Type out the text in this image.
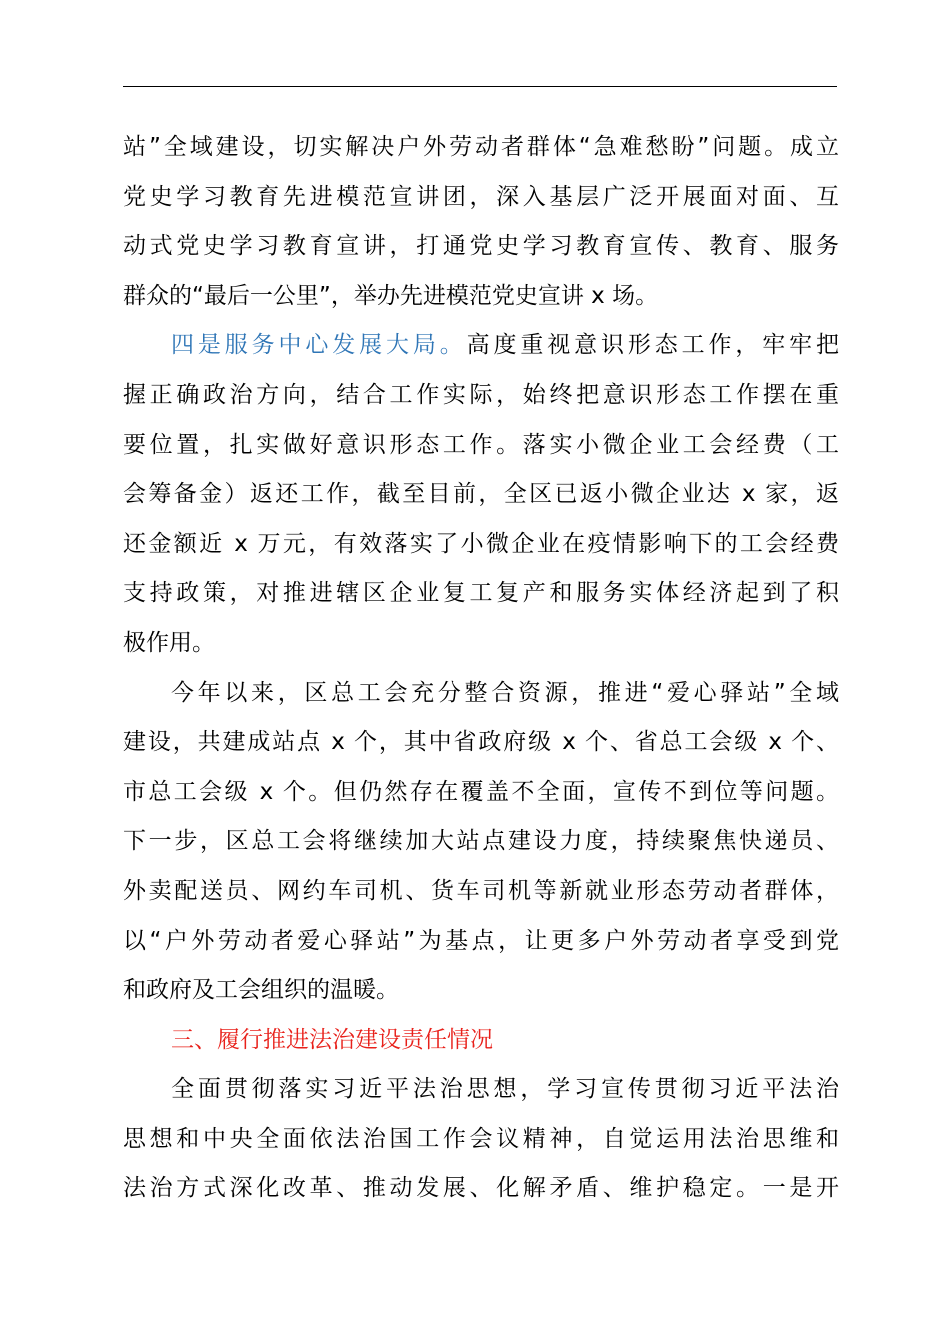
站”全域建设，切实解决户外劳动者群体“急难愁盼”问题。成立
党史学习教育先进模范宣讲团，深入基层广泛开展面对面、互
动式党史学习教育宣讲，打通党史学习教育宣传、教育、服务
群众的“最后一公里”，举办先进模范党史宣讲 x 场。
四是服务中心发展大局。高度重视意识形态工作，牢牢把
握正确政治方向，结合工作实际，始终把意识形态工作摆在重
要位置，扎实做好意识形态工作。落实小微企业工会经费（工
会筹备金）返还工作，截至目前，全区已返小微企业达 x 家，返
还金额近 x 万元，有效落实了小微企业在疫情影响下的工会经费
支持政策，对推进辖区企业复工复产和服务实体经济起到了积
极作用。
今年以来，区总工会充分整合资源，推进“爱心驿站”全域
建设，共建成站点 x 个，其中省政府级 x 个、省总工会级 x 个、
市总工会级 x 个。但仍然存在覆盖不全面，宣传不到位等问题。
下一步，区总工会将继续加大站点建设力度，持续聚焦快递员、
外卖配送员、网约车司机、货车司机等新就业形态劳动者群体，
以“户外劳动者爱心驿站”为基点，让更多户外劳动者享受到党
和政府及工会组织的温暖。
三、履行推进法治建设责任情况
全面贯彻落实习近平法治思想，学习宣传贯彻习近平法治
思想和中央全面依法治国工作会议精神，自觉运用法治思维和
法治方式深化改革、推动发展、化解矛盾、维护稳定。一是开
